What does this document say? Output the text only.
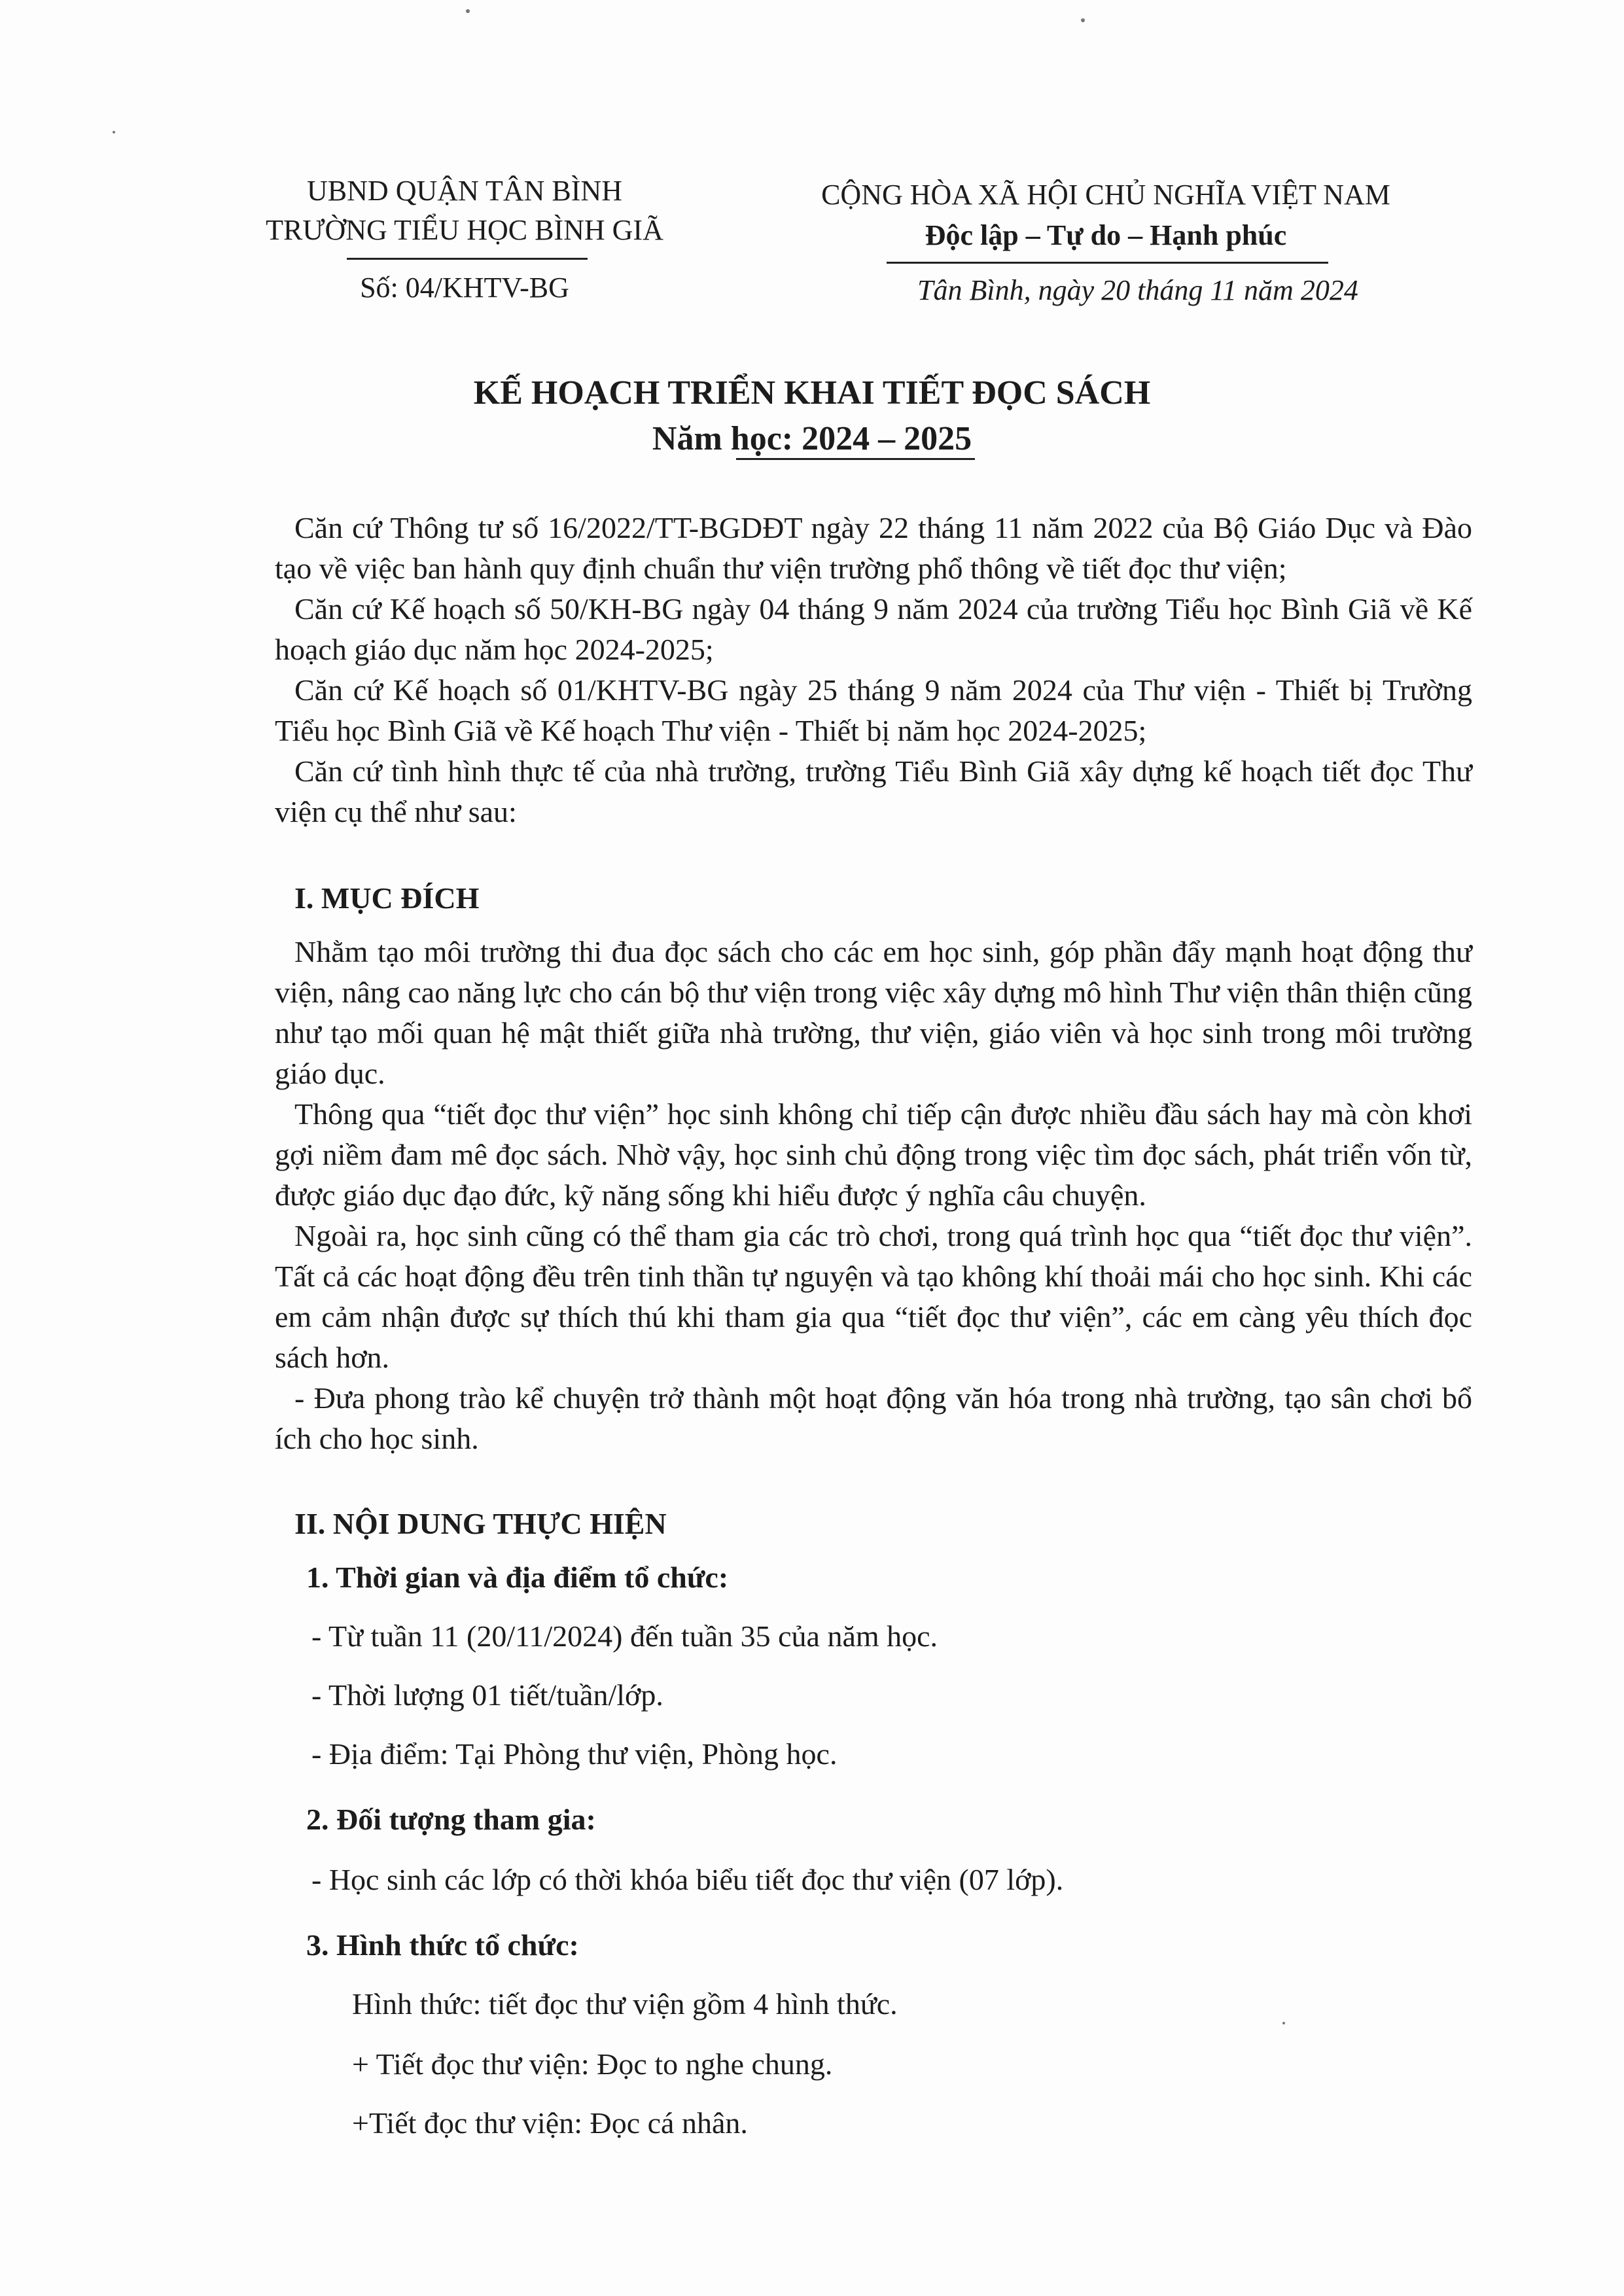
UBND QUẬN TÂN BÌNH
TRƯỜNG TIỂU HỌC BÌNH GIÃ
Số: 04/KHTV-BG
CỘNG HÒA XÃ HỘI CHỦ NGHĨA VIỆT NAM
Độc lập – Tự do – Hạnh phúc
Tân Bình, ngày 20 tháng 11 năm 2024
KẾ HOẠCH TRIỂN KHAI TIẾT ĐỌC SÁCH
Năm học: 2024 – 2025

Căn cứ Thông tư số 16/2022/TT-BGDĐT ngày 22 tháng 11 năm 2022 của Bộ Giáo Dục và Đào tạo về việc ban hành quy định chuẩn thư viện trường phổ thông về tiết đọc thư viện;

Căn cứ Kế hoạch số 50/KH-BG ngày 04 tháng 9 năm 2024 của trường Tiểu học Bình Giã về Kế hoạch giáo dục năm học 2024-2025;

Căn cứ Kế hoạch số 01/KHTV-BG ngày 25 tháng 9 năm 2024 của Thư viện - Thiết bị Trường Tiểu học Bình Giã về Kế hoạch Thư viện - Thiết bị năm học 2024-2025;

Căn cứ tình hình thực tế của nhà trường, trường Tiểu Bình Giã xây dựng kế hoạch tiết đọc Thư viện cụ thể như sau:

I. MỤC ĐÍCH

Nhằm tạo môi trường thi đua đọc sách cho các em học sinh, góp phần đẩy mạnh hoạt động thư viện, nâng cao năng lực cho cán bộ thư viện trong việc xây dựng mô hình Thư viện thân thiện cũng như tạo mối quan hệ mật thiết giữa nhà trường, thư viện, giáo viên và học sinh trong môi trường giáo dục.

Thông qua “tiết đọc thư viện” học sinh không chỉ tiếp cận được nhiều đầu sách hay mà còn khơi gợi niềm đam mê đọc sách. Nhờ vậy, học sinh chủ động trong việc tìm đọc sách, phát triển vốn từ, được giáo dục đạo đức, kỹ năng sống khi hiểu được ý nghĩa câu chuyện.

Ngoài ra, học sinh cũng có thể tham gia các trò chơi, trong quá trình học qua “tiết đọc thư viện”. Tất cả các hoạt động đều trên tinh thần tự nguyện và tạo không khí thoải mái cho học sinh. Khi các em cảm nhận được sự thích thú khi tham gia qua “tiết đọc thư viện”, các em càng yêu thích đọc sách hơn.

- Đưa phong trào kể chuyện trở thành một hoạt động văn hóa trong nhà trường, tạo sân chơi bổ ích cho học sinh.

II. NỘI DUNG THỰC HIỆN
1. Thời gian và địa điểm tổ chức:
- Từ tuần 11 (20/11/2024) đến tuần 35 của năm học.
- Thời lượng 01 tiết/tuần/lớp.
- Địa điểm: Tại Phòng thư viện, Phòng học.
2. Đối tượng tham gia:
- Học sinh các lớp có thời khóa biểu tiết đọc thư viện (07 lớp).
3. Hình thức tổ chức:
Hình thức: tiết đọc thư viện gồm 4 hình thức.
+ Tiết đọc thư viện: Đọc to nghe chung.
+Tiết đọc thư viện: Đọc cá nhân.
